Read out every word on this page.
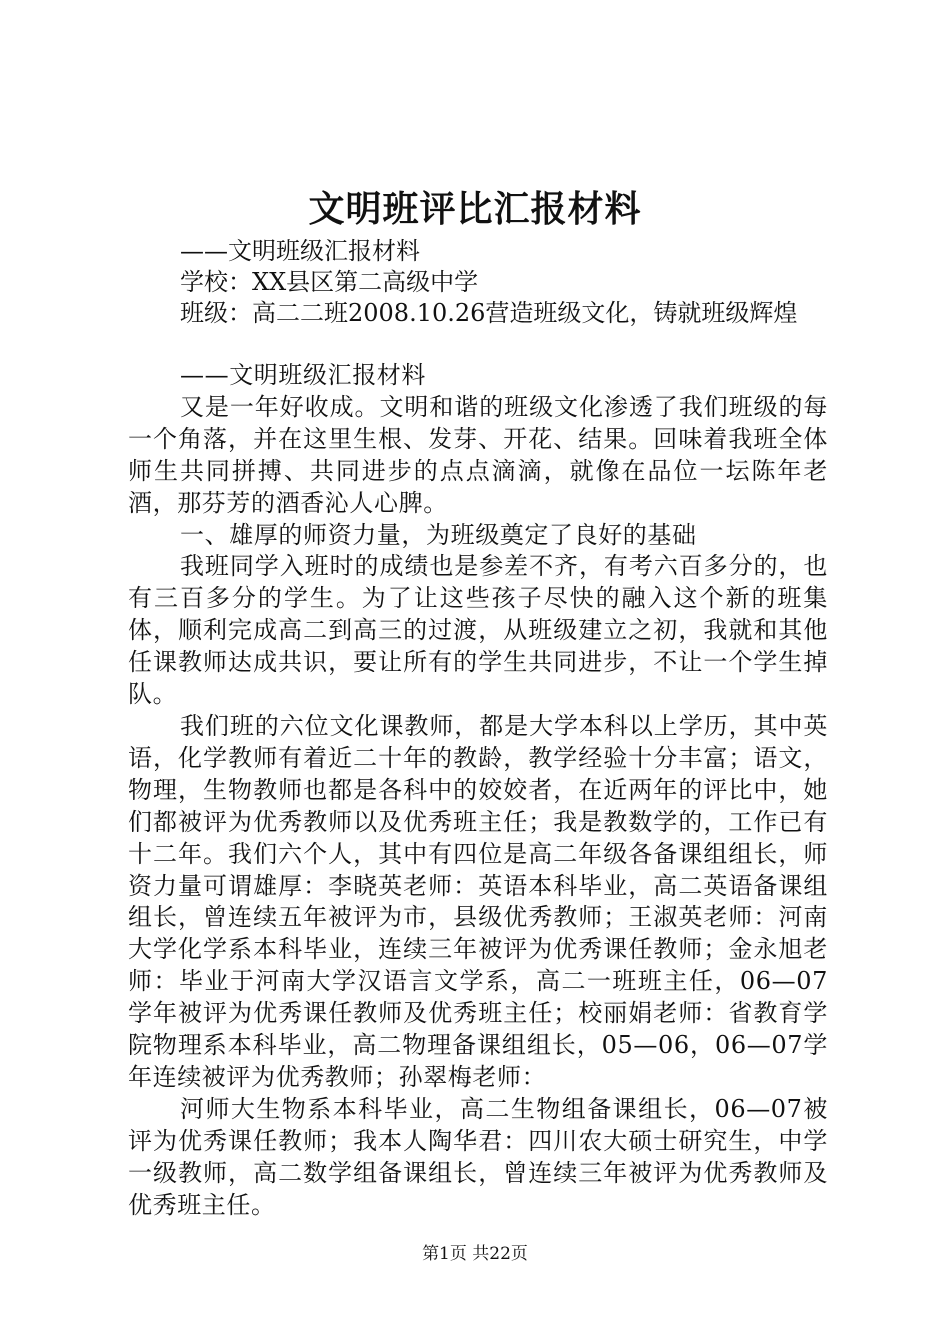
文明班评比汇报材料

——文明班级汇报材料

学校：XX县区第二高级中学

班级：高二二班2008.10.26营造班级文化，铸就班级辉煌

——文明班级汇报材料

又是一年好收成。文明和谐的班级文化渗透了我们班级的每一个角落，并在这里生根、发芽、开花、结果。回味着我班全体师生共同拼搏、共同进步的点点滴滴，就像在品位一坛陈年老酒，那芬芳的酒香沁人心脾。

一、雄厚的师资力量，为班级奠定了良好的基础

我班同学入班时的成绩也是参差不齐，有考六百多分的，也有三百多分的学生。为了让这些孩子尽快的融入这个新的班集体，顺利完成高二到高三的过渡，从班级建立之初，我就和其他任课教师达成共识，要让所有的学生共同进步，不让一个学生掉队。

我们班的六位文化课教师，都是大学本科以上学历，其中英语，化学教师有着近二十年的教龄，教学经验十分丰富；语文，物理，生物教师也都是各科中的姣姣者，在近两年的评比中，她们都被评为优秀教师以及优秀班主任；我是教数学的，工作已有十二年。我们六个人，其中有四位是高二年级各备课组组长，师资力量可谓雄厚：李晓英老师：英语本科毕业，高二英语备课组组长，曾连续五年被评为市，县级优秀教师；王淑英老师：河南大学化学系本科毕业，连续三年被评为优秀课任教师；金永旭老师：毕业于河南大学汉语言文学系，高二一班班主任，06—07学年被评为优秀课任教师及优秀班主任；校丽娟老师：省教育学院物理系本科毕业，高二物理备课组组长，05—06，06—07学年连续被评为优秀教师；孙翠梅老师：

河师大生物系本科毕业，高二生物组备课组长，06—07被评为优秀课任教师；我本人陶华君：四川农大硕士研究生，中学一级教师，高二数学组备课组长，曾连续三年被评为优秀教师及优秀班主任。

第1页 共22页
